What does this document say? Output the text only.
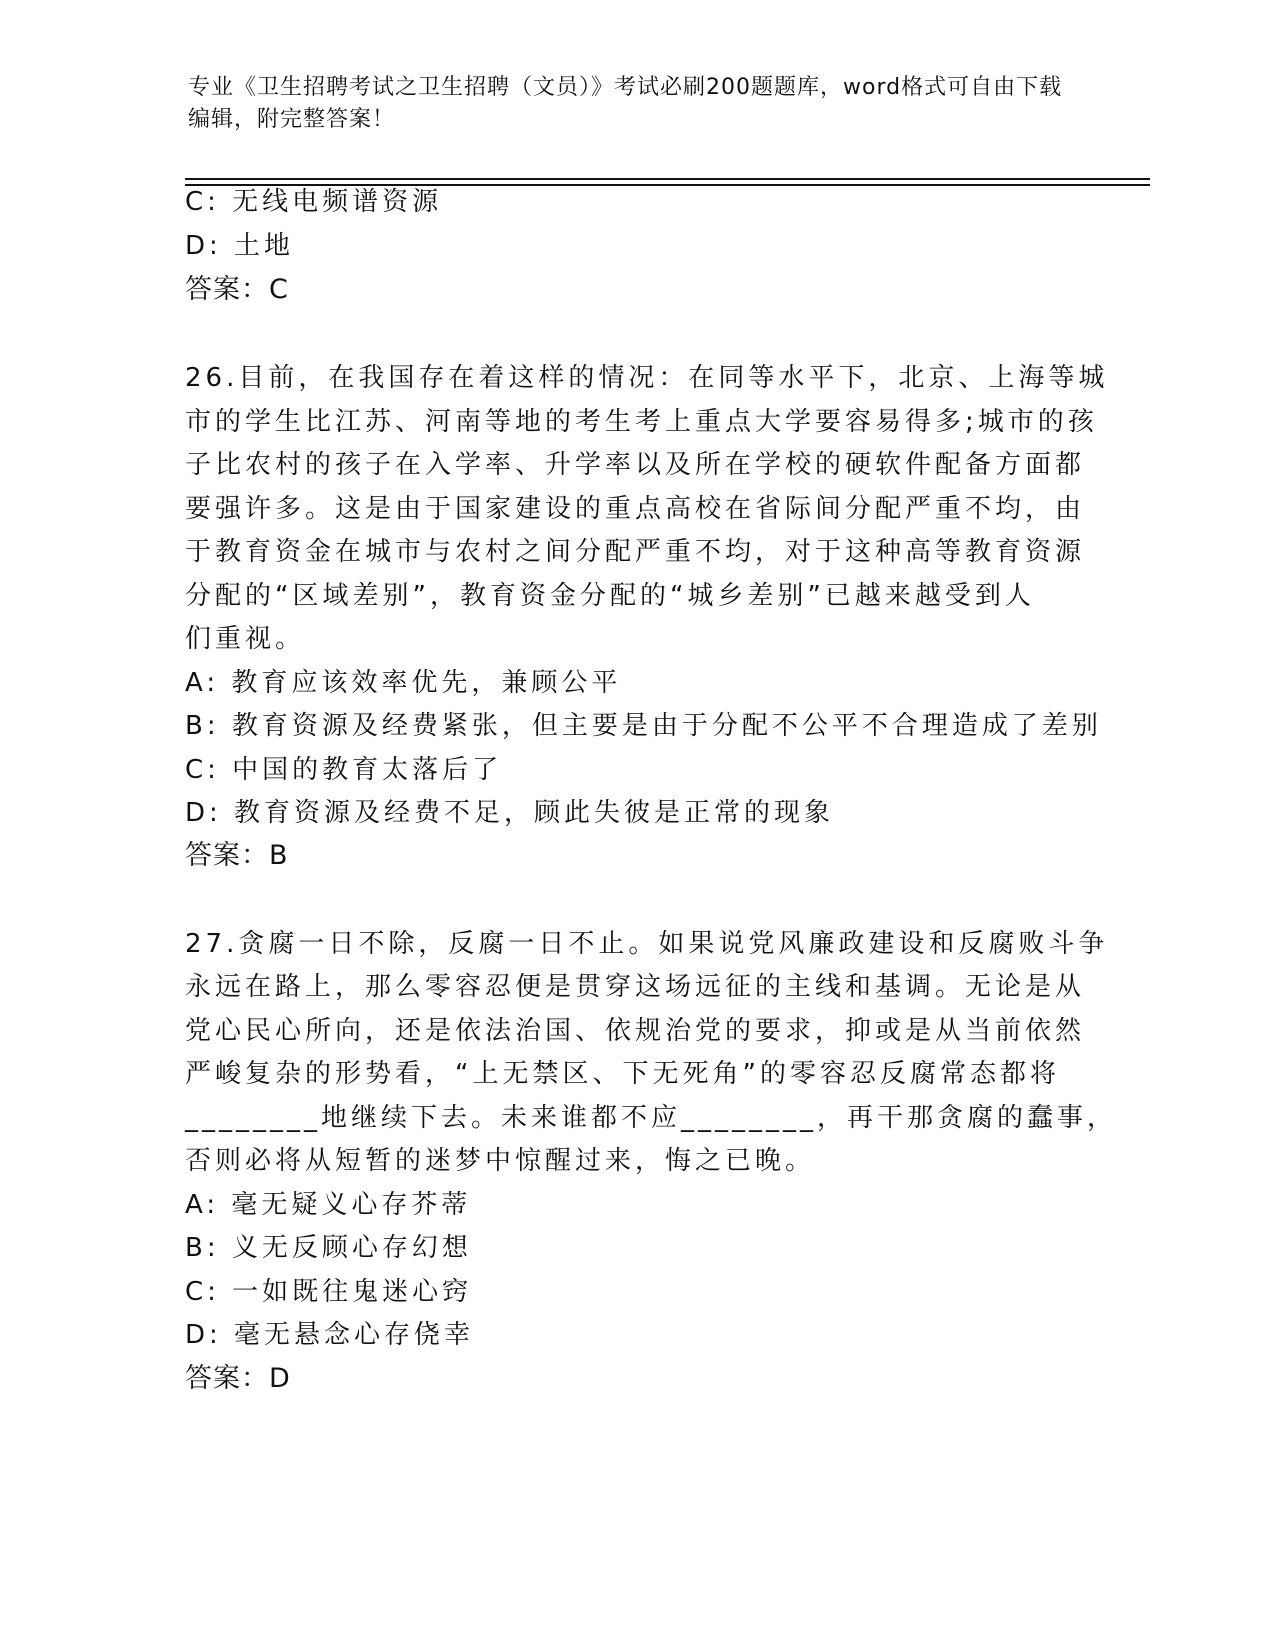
专业《卫生招聘考试之卫生招聘（文员）》考试必刷200题题库，word格式可自由下载编辑，附完整答案！
C: 无线电频谱资源
D: 土地
答案：C
26.目前，在我国存在着这样的情况：在同等水平下，北京、上海等城
市的学生比江苏、河南等地的考生考上重点大学要容易得多;城市的孩
子比农村的孩子在入学率、升学率以及所在学校的硬软件配备方面都
要强许多。这是由于国家建设的重点高校在省际间分配严重不均，由
于教育资金在城市与农村之间分配严重不均，对于这种高等教育资源
分配的“区域差别”，教育资金分配的“城乡差别”已越来越受到人
们重视。
A: 教育应该效率优先，兼顾公平
B: 教育资源及经费紧张，但主要是由于分配不公平不合理造成了差别
C: 中国的教育太落后了
D: 教育资源及经费不足，顾此失彼是正常的现象
答案：B
27.贪腐一日不除，反腐一日不止。如果说党风廉政建设和反腐败斗争
永远在路上，那么零容忍便是贯穿这场远征的主线和基调。无论是从
党心民心所向，还是依法治国、依规治党的要求，抑或是从当前依然
严峻复杂的形势看，“上无禁区、下无死角”的零容忍反腐常态都将
________地继续下去。未来谁都不应________，再干那贪腐的蠢事，
否则必将从短暂的迷梦中惊醒过来，悔之已晚。
A: 毫无疑义心存芥蒂
B: 义无反顾心存幻想
C: 一如既往鬼迷心窍
D: 毫无悬念心存侥幸
答案：D
